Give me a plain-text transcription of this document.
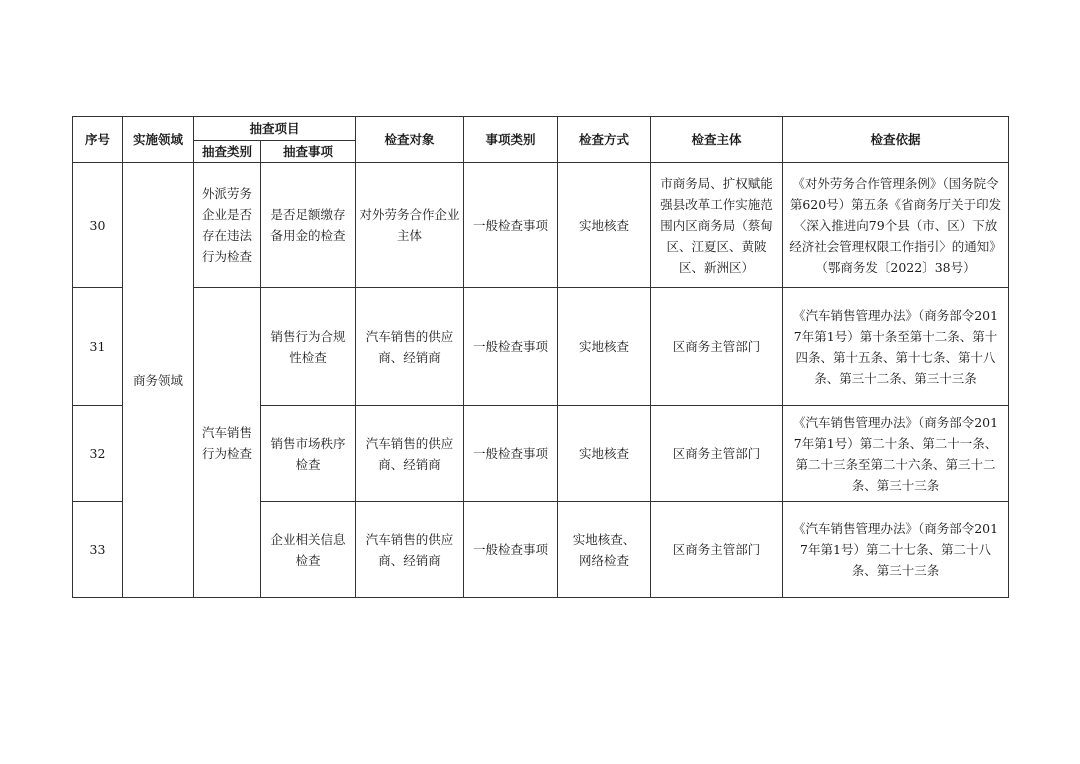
序号	实施领域	抽查项目		检查对象	事项类别	检查方式	检查主体	检查依据
		抽查类别	抽查事项					
30	商务领域	外派劳务企业是否存在违法行为检查	是否足额缴存备用金的检查	对外劳务合作企业主体	一般检查事项	实地核查	市商务局、扩权赋能强县改革工作实施范围内区商务局（蔡甸区、江夏区、黄陂区、新洲区）	《对外劳务合作管理条例》（国务院令第620号）第五条《省商务厅关于印发〈深入推进向79个县（市、区）下放经济社会管理权限工作指引〉的通知》（鄂商务发〔2022〕38号）
31		汽车销售行为检查	销售行为合规性检查	汽车销售的供应商、经销商	一般检查事项	实地核查	区商务主管部门	《汽车销售管理办法》（商务部令2017年第1号）第十条至第十二条、第十四条、第十五条、第十七条、第十八条、第三十二条、第三十三条
32			销售市场秩序检查	汽车销售的供应商、经销商	一般检查事项	实地核查	区商务主管部门	《汽车销售管理办法》（商务部令2017年第1号）第二十条、第二十一条、第二十三条至第二十六条、第三十二条、第三十三条
33			企业相关信息检查	汽车销售的供应商、经销商	一般检查事项	实地核查、网络检查	区商务主管部门	《汽车销售管理办法》（商务部令2017年第1号）第二十七条、第二十八条、第三十三条
